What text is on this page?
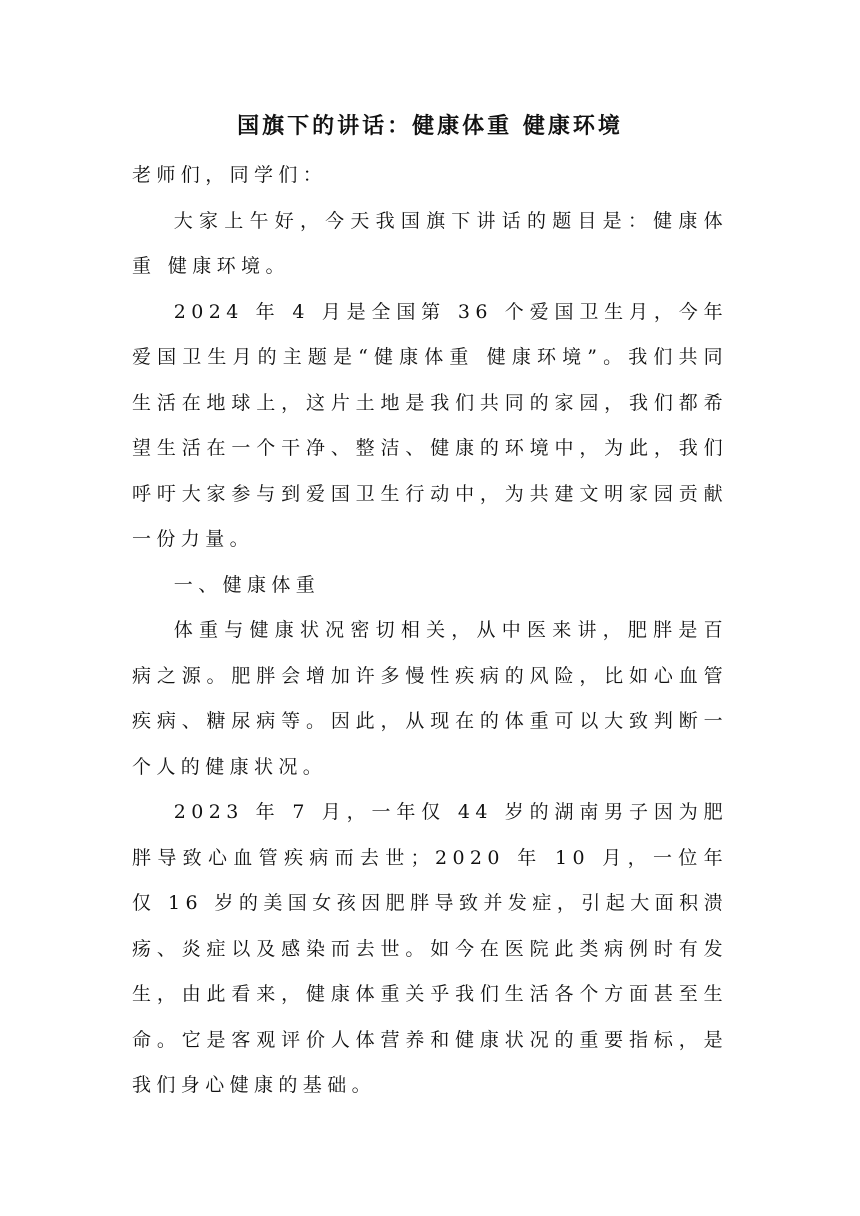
国旗下的讲话：健康体重 健康环境

老师们，同学们：

大家上午好，今天我国旗下讲话的题目是：健康体重 健康环境。

2024 年 4 月是全国第 36 个爱国卫生月，今年爱国卫生月的主题是“健康体重 健康环境”。我们共同生活在地球上，这片土地是我们共同的家园，我们都希望生活在一个干净、整洁、健康的环境中，为此，我们呼吁大家参与到爱国卫生行动中，为共建文明家园贡献一份力量。

一、健康体重

体重与健康状况密切相关，从中医来讲，肥胖是百病之源。肥胖会增加许多慢性疾病的风险，比如心血管疾病、糖尿病等。因此，从现在的体重可以大致判断一个人的健康状况。

2023 年 7 月，一年仅 44 岁的湖南男子因为肥胖导致心血管疾病而去世；2020 年 10 月，一位年仅 16 岁的美国女孩因肥胖导致并发症，引起大面积溃疡、炎症以及感染而去世。如今在医院此类病例时有发生，由此看来，健康体重关乎我们生活各个方面甚至生命。它是客观评价人体营养和健康状况的重要指标，是我们身心健康的基础。
